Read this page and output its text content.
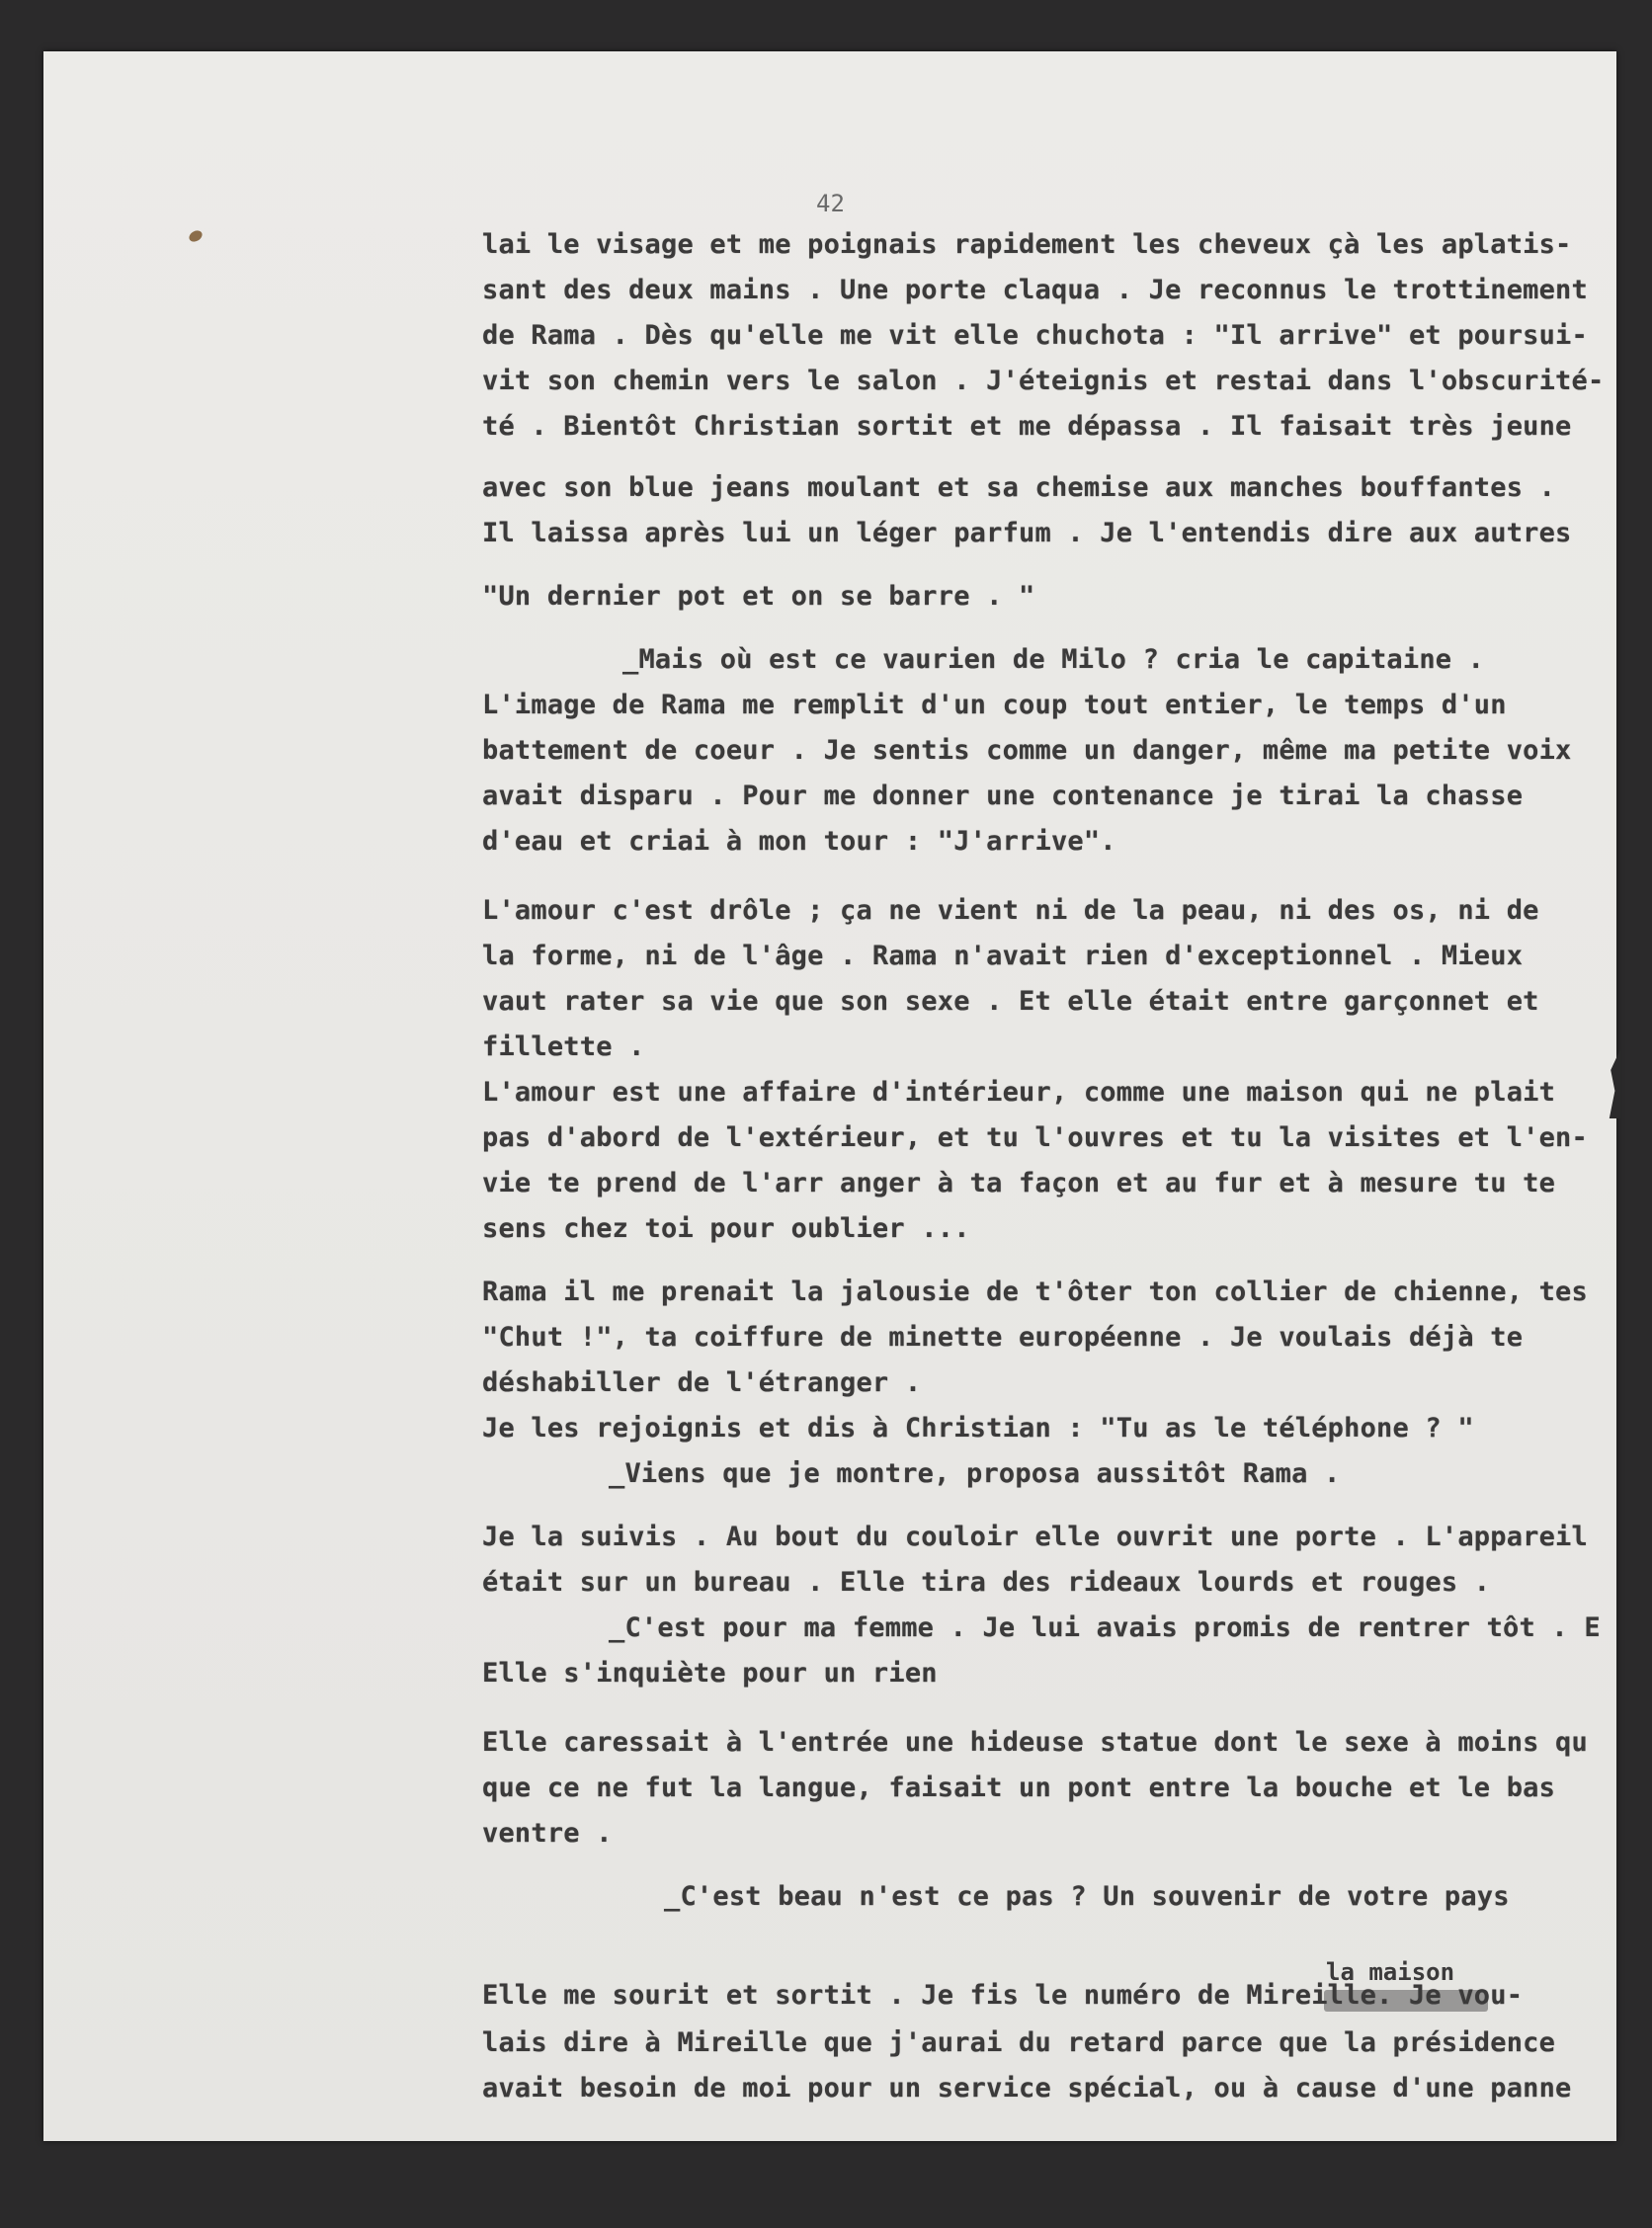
42
lai le visage et me poignais rapidement les cheveux çà les aplatis-
sant des deux mains . Une porte claqua . Je reconnus le trottinement
de Rama . Dès qu'elle me vit elle chuchota : "Il arrive" et poursui-
vit son chemin vers le salon . J'éteignis et restai dans l'obscurité-
té . Bientôt Christian sortit et me dépassa . Il faisait très jeune
avec son blue jeans moulant et sa chemise aux manches bouffantes .
Il laissa après lui un léger parfum . Je l'entendis dire aux autres
"Un dernier pot et on se barre . "
_Mais où est ce vaurien de Milo ? cria le capitaine .
L'image de Rama me remplit d'un coup tout entier, le temps d'un
battement de coeur . Je sentis comme un danger, même ma petite voix
avait disparu . Pour me donner une contenance je tirai la chasse
d'eau et criai à mon tour : "J'arrive".
L'amour c'est drôle ; ça ne vient ni de la peau, ni des os, ni de
la forme, ni de l'âge . Rama n'avait rien d'exceptionnel . Mieux
vaut rater sa vie que son sexe . Et elle était entre garçonnet et
fillette .
L'amour est une affaire d'intérieur, comme une maison qui ne plait
pas d'abord de l'extérieur, et tu l'ouvres et tu la visites et l'en-
vie te prend de l'arr anger à ta façon et au fur et à mesure tu te
sens chez toi pour oublier ...
Rama il me prenait la jalousie de t'ôter ton collier de chienne, tes
"Chut !", ta coiffure de minette européenne . Je voulais déjà te
déshabiller de l'étranger .
Je les rejoignis et dis à Christian : "Tu as le téléphone ? "
_Viens que je montre, proposa aussitôt Rama .
Je la suivis . Au bout du couloir elle ouvrit une porte . L'appareil
était sur un bureau . Elle tira des rideaux lourds et rouges .
_C'est pour ma femme . Je lui avais promis de rentrer tôt . E
Elle s'inquiète pour un rien
Elle caressait à l'entrée une hideuse statue dont le sexe à moins qu
que ce ne fut la langue, faisait un pont entre la bouche et le bas
ventre .
_C'est beau n'est ce pas ? Un souvenir de votre pays
la maison
Elle me sourit et sortit . Je fis le numéro de Mireille. Je vou-
lais dire à Mireille que j'aurai du retard parce que la présidence
avait besoin de moi pour un service spécial, ou à cause d'une panne
